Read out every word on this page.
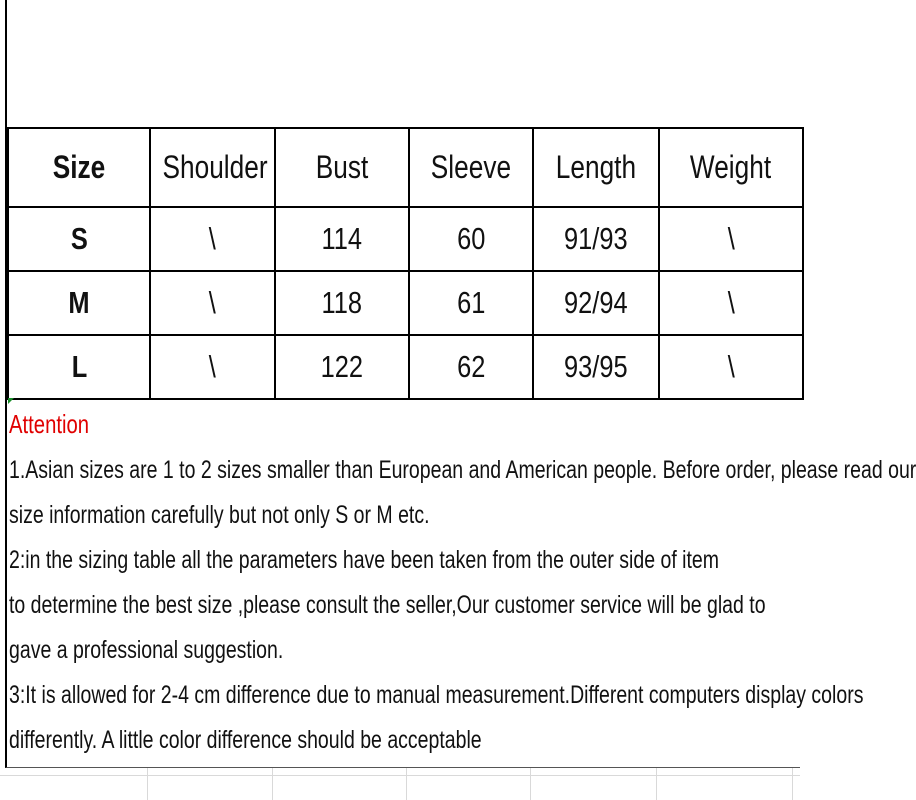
Size	Shoulder	Bust	Sleeve	Length	Weight
S	\	114	60	91/93	\
M	\	118	61	92/94	\
L	\	122	62	93/95	\
Attention
1.Asian sizes are 1 to 2 sizes smaller than European and American people. Before order, please read our
size information carefully but not only S or M etc.
2:in the sizing table all the parameters have been taken from the outer side of item
to determine the best size ,please consult the seller,Our customer service will be glad to
gave a professional suggestion.
3:It is allowed for 2-4 cm difference due to manual measurement.Different computers display colors
differently. A little color difference should be acceptable
